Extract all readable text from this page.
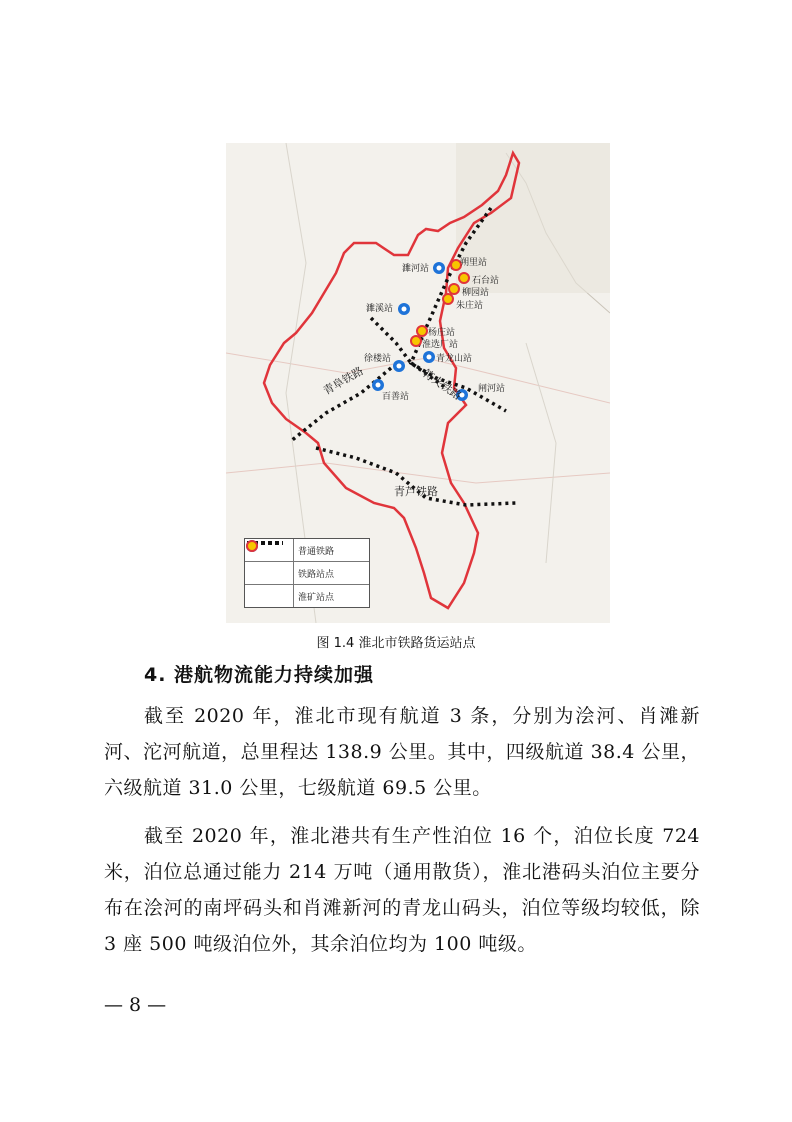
濉河站
濉溪站
徐楼站	青龙山站
百善站
闸河站
朔里站
石台站
柳园站
朱庄站
杨庄站
淮选厂站
青阜铁路	符夹铁路
青芦铁路
普通铁路
铁路站点
淮矿站点
图 1.4 淮北市铁路货运站点
4. 港航物流能力持续加强
截至 2020 年，淮北市现有航道 3 条，分别为浍河、肖滩新河、沱河航道，总里程达 138.9 公里。其中，四级航道 38.4 公里，六级航道 31.0 公里，七级航道 69.5 公里。
截至 2020 年，淮北港共有生产性泊位 16 个，泊位长度 724 米，泊位总通过能力 214 万吨（通用散货），淮北港码头泊位主要分布在浍河的南坪码头和肖滩新河的青龙山码头，泊位等级均较低，除 3 座 500 吨级泊位外，其余泊位均为 100 吨级。
— 8 —
